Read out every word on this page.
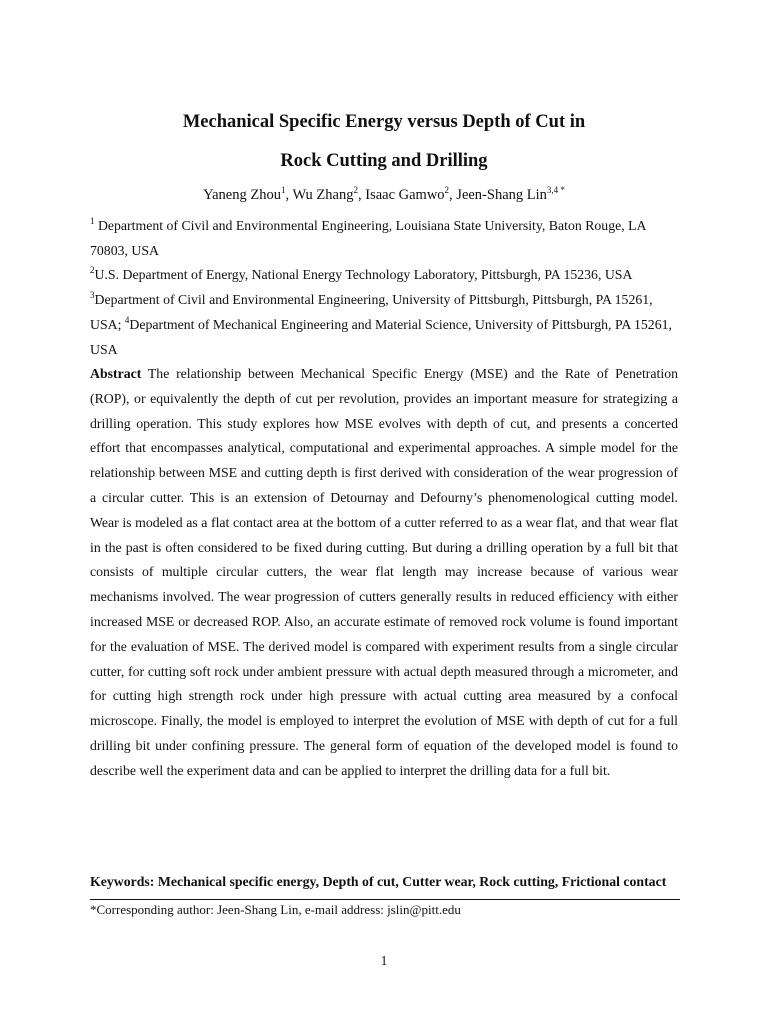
Mechanical Specific Energy versus Depth of Cut in
Rock Cutting and Drilling
Yaneng Zhou$^1$, Wu Zhang$^2$, Isaac Gamwo$^2$, Jeen-Shang Lin$^{3,4 *}$
$^1$ Department of Civil and Environmental Engineering, Louisiana State University, Baton Rouge, LA 70803, USA
$^2$U.S. Department of Energy, National Energy Technology Laboratory, Pittsburgh, PA 15236, USA
$^3$Department of Civil and Environmental Engineering, University of Pittsburgh, Pittsburgh, PA 15261, USA; $^4$Department of Mechanical Engineering and Material Science, University of Pittsburgh, PA 15261, USA
Abstract The relationship between Mechanical Specific Energy (MSE) and the Rate of Penetration (ROP), or equivalently the depth of cut per revolution, provides an important measure for strategizing a drilling operation. This study explores how MSE evolves with depth of cut, and presents a concerted effort that encompasses analytical, computational and experimental approaches. A simple model for the relationship between MSE and cutting depth is first derived with consideration of the wear progression of a circular cutter. This is an extension of Detournay and Defourny’s phenomenological cutting model. Wear is modeled as a flat contact area at the bottom of a cutter referred to as a wear flat, and that wear flat in the past is often considered to be fixed during cutting. But during a drilling operation by a full bit that consists of multiple circular cutters, the wear flat length may increase because of various wear mechanisms involved. The wear progression of cutters generally results in reduced efficiency with either increased MSE or decreased ROP. Also, an accurate estimate of removed rock volume is found important for the evaluation of MSE. The derived model is compared with experiment results from a single circular cutter, for cutting soft rock under ambient pressure with actual depth measured through a micrometer, and for cutting high strength rock under high pressure with actual cutting area measured by a confocal microscope. Finally, the model is employed to interpret the evolution of MSE with depth of cut for a full drilling bit under confining pressure. The general form of equation of the developed model is found to describe well the experiment data and can be applied to interpret the drilling data for a full bit.
Keywords: Mechanical specific energy, Depth of cut, Cutter wear, Rock cutting, Frictional contact
*Corresponding author: Jeen-Shang Lin, e-mail address: jslin@pitt.edu
1
